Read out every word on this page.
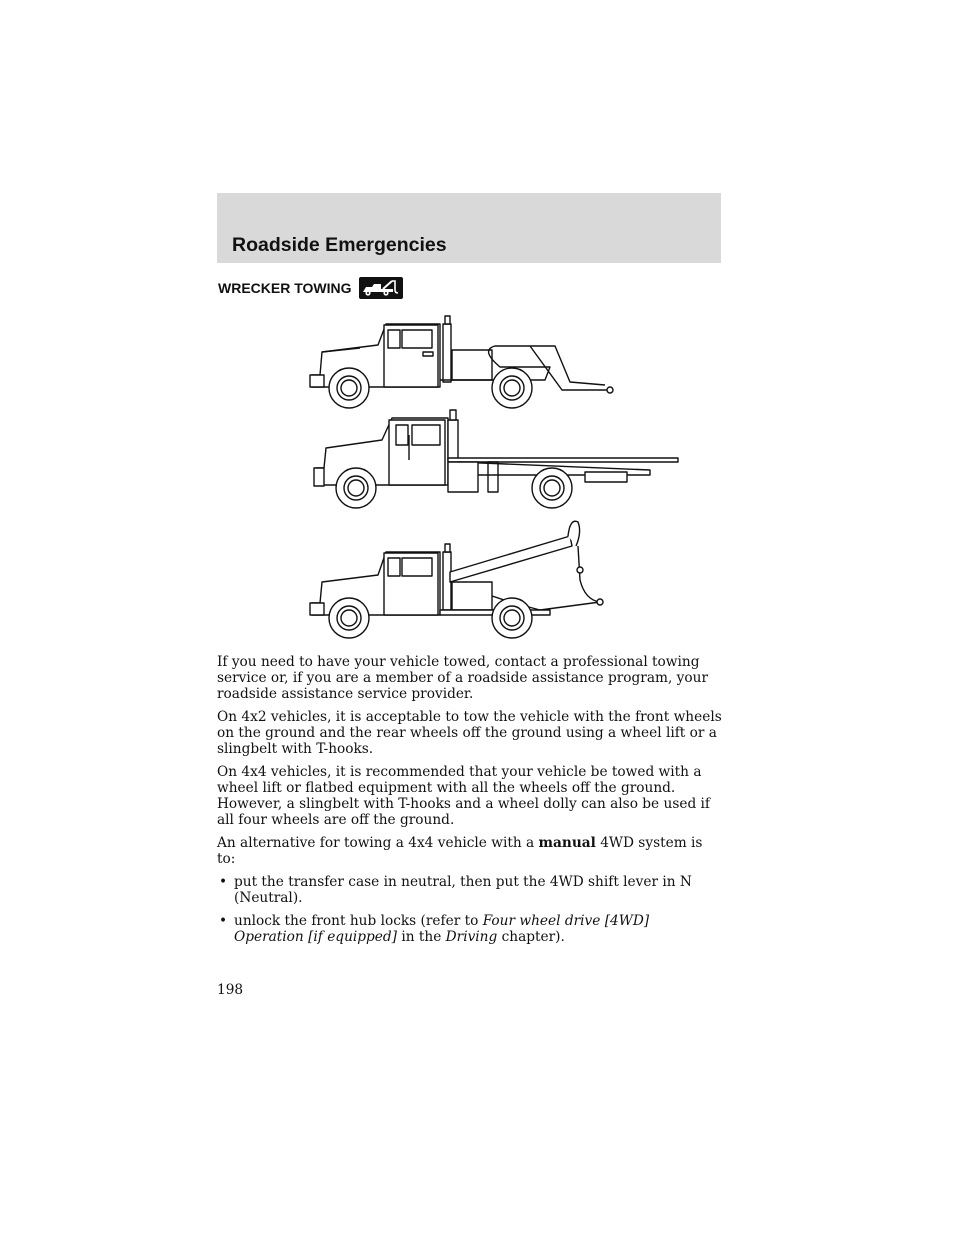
Roadside Emergencies
WRECKER TOWING

If you need to have your vehicle towed, contact a professional towing service or, if you are a member of a roadside assistance program, your roadside assistance service provider.

On 4x2 vehicles, it is acceptable to tow the vehicle with the front wheels on the ground and the rear wheels off the ground using a wheel lift or a slingbelt with T-hooks.

On 4x4 vehicles, it is recommended that your vehicle be towed with a wheel lift or flatbed equipment with all the wheels off the ground. However, a slingbelt with T-hooks and a wheel dolly can also be used if all four wheels are off the ground.

An alternative for towing a 4x4 vehicle with a manual 4WD system is to:

• put the transfer case in neutral, then put the 4WD shift lever in N (Neutral).
• unlock the front hub locks (refer to Four wheel drive [4WD] Operation [if equipped] in the Driving chapter).
198
